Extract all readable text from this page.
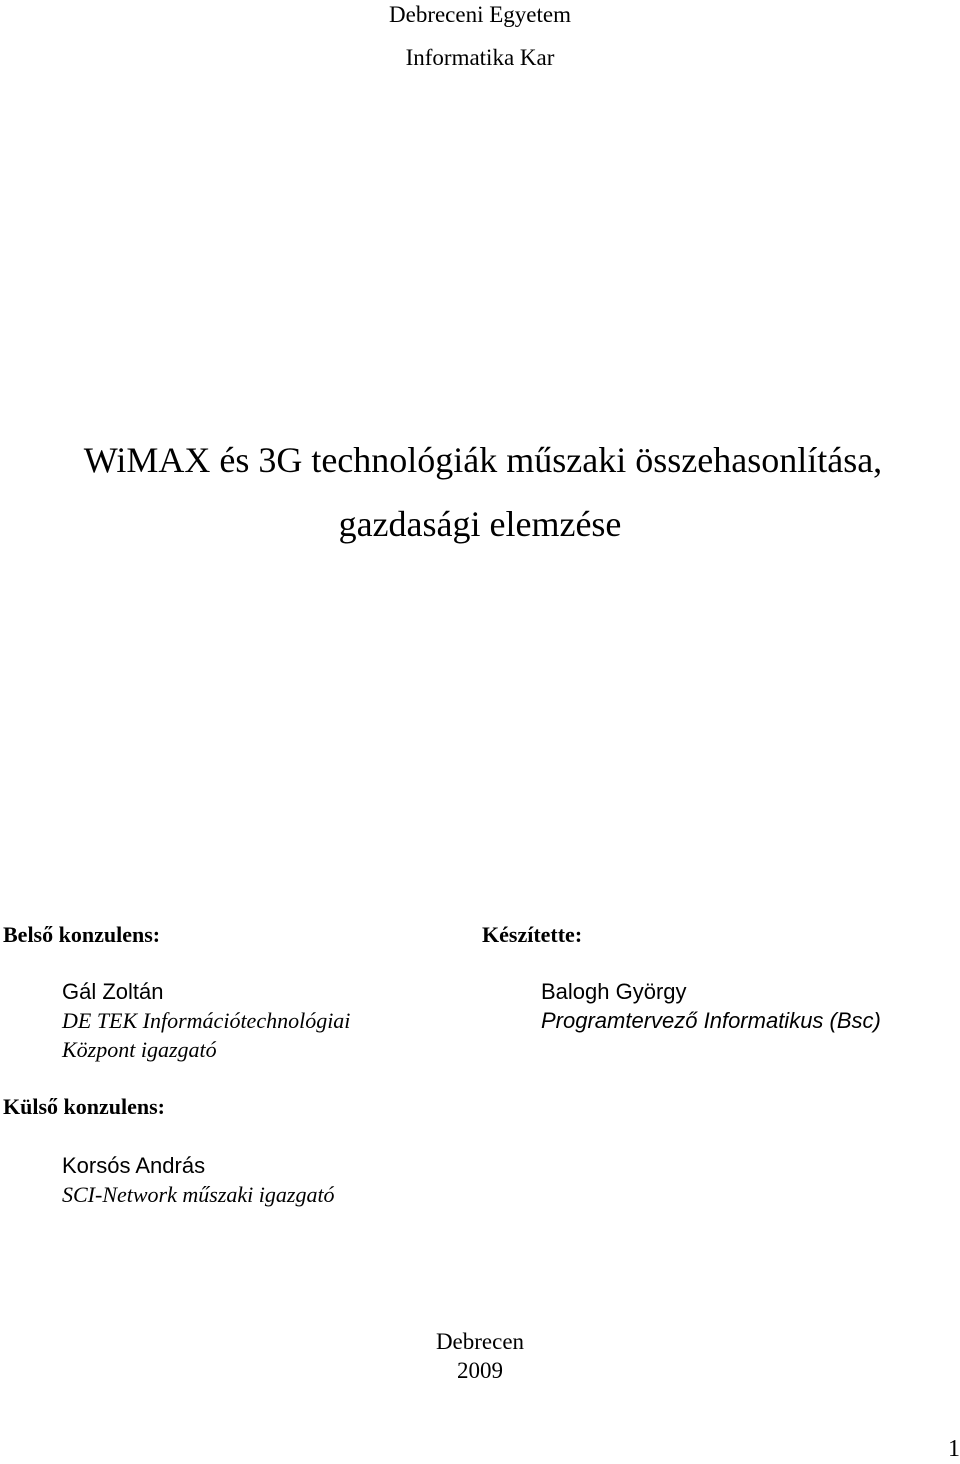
Debreceni Egyetem
Informatika Kar
WiMAX és 3G technológiák műszaki összehasonlítása,
gazdasági elemzése
Belső konzulens:
Gál Zoltán
DE TEK Információtechnológiai
Központ igazgató
Készítette:
Balogh György
Programtervező Informatikus (Bsc)
Külső konzulens:
Korsós András
SCI-Network műszaki igazgató
Debrecen
2009
1
